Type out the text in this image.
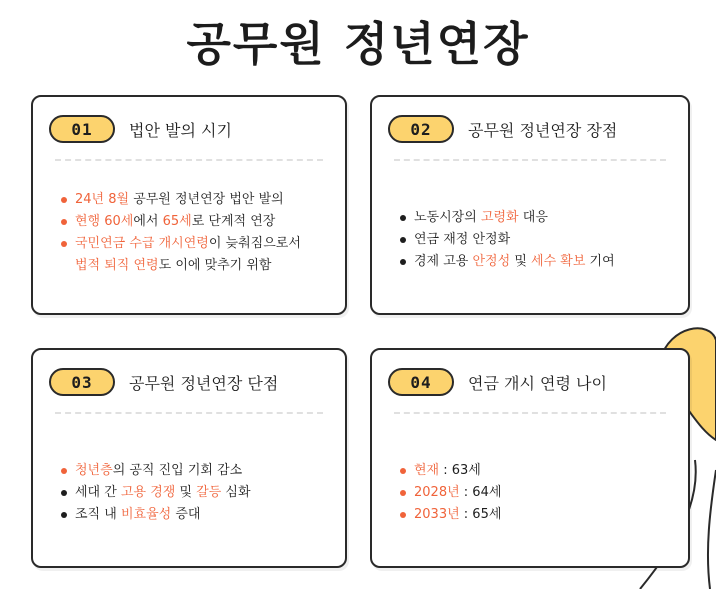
공무원 정년연장
01	법안 발의 시기
24년 8월 공무원 정년연장 법안 발의
현행 60세에서 65세로 단계적 연장
국민연금 수급 개시연령이 늦춰짐으로서
법적 퇴직 연령도 이에 맞추기 위함
02	공무원 정년연장 장점
노동시장의 고령화 대응
연금 재정 안정화
경제 고용 안정성 및 세수 확보 기여
03	공무원 정년연장 단점
청년층의 공직 진입 기회 감소
세대 간 고용 경쟁 및 갈등 심화
조직 내 비효율성 증대
04	연금 개시 연령 나이
현재 : 63세
2028년 : 64세
2033년 : 65세
